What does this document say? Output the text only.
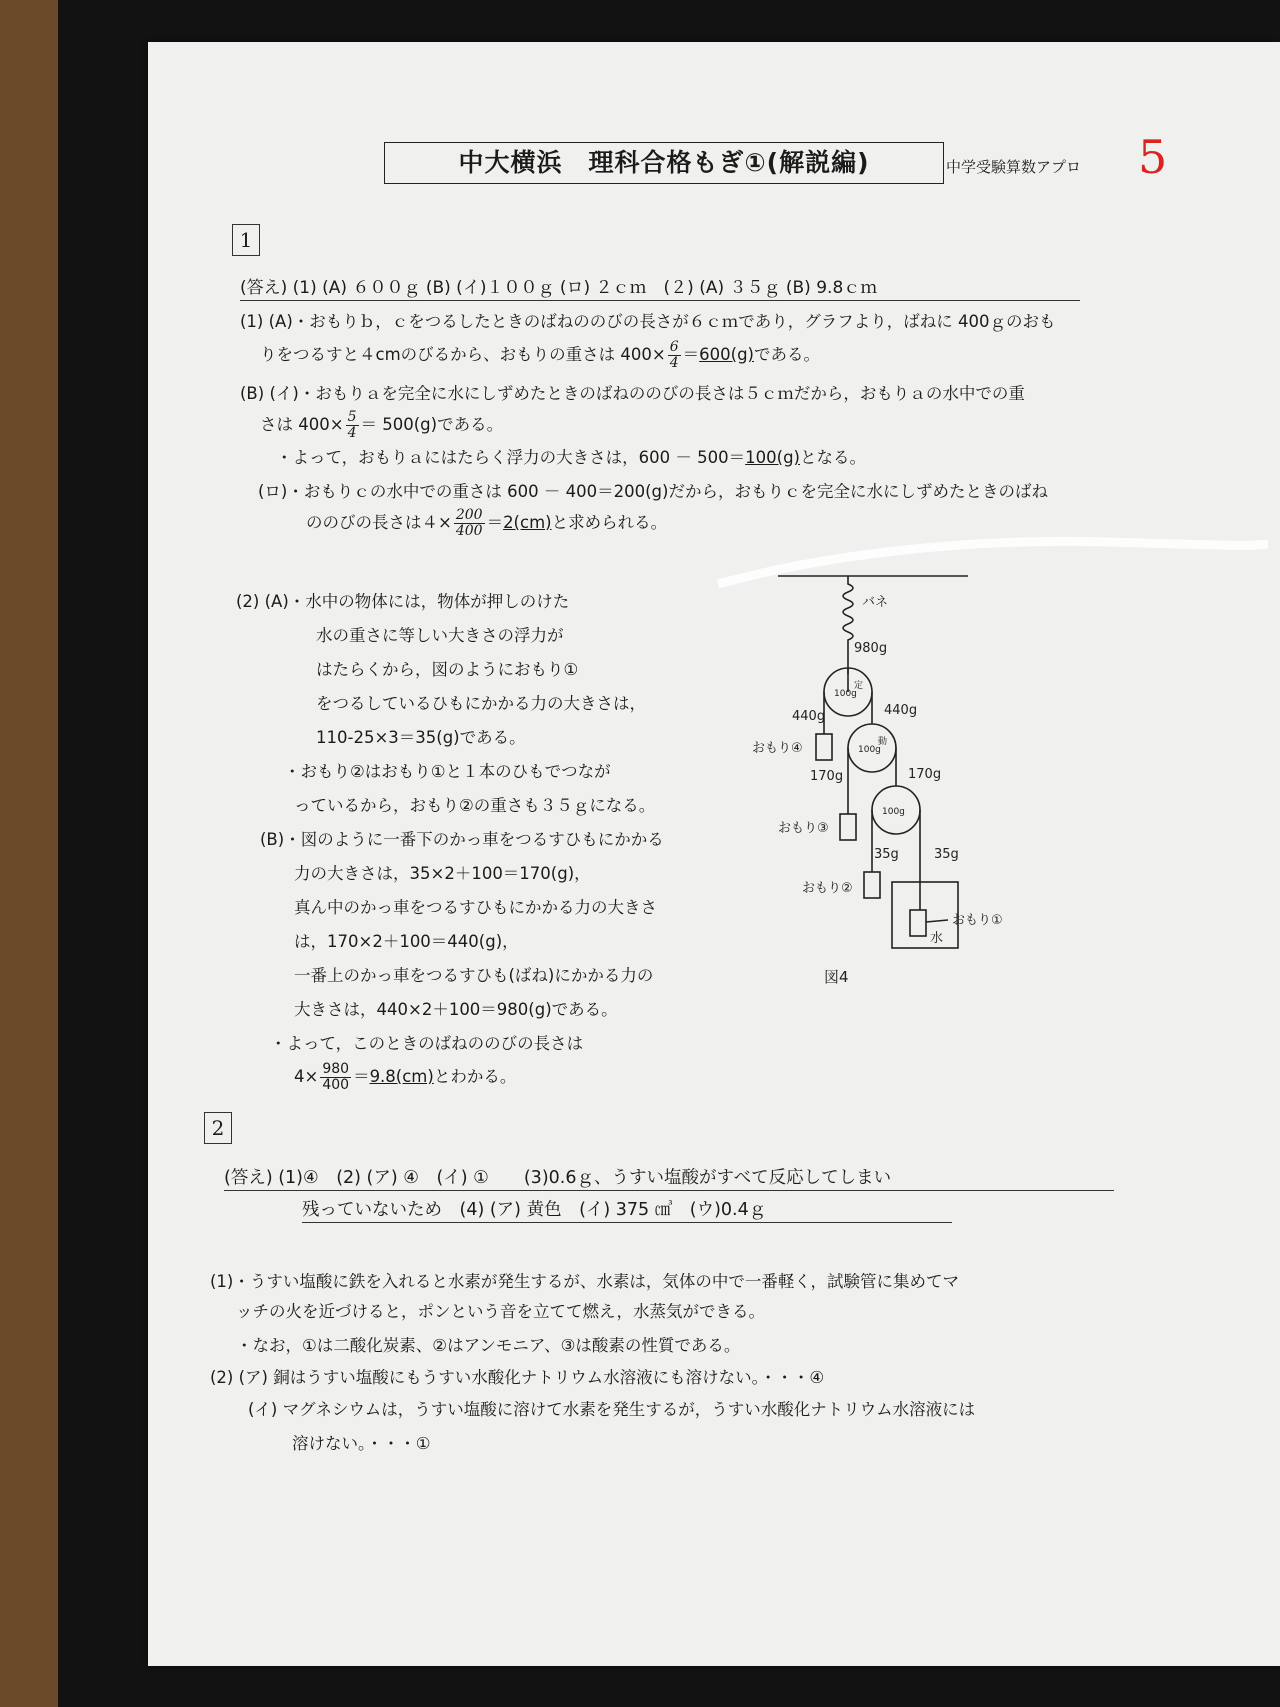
中大横浜　理科合格もぎ①(解説編)	中学受験算数アプロ 5
1
(答え) (1) (A) ６００ｇ (B) (イ)１００ｇ (ロ) ２ｃｍ　(２) (A) ３５ｇ (B) 9.8ｃｍ
(1) (A)・おもりｂ，ｃをつるしたときのばねののびの長さが６ｃｍであり，グラフより，ばねに 400ｇのおも
りをつるすと４cmのびるから、おもりの重さは $400\times \frac{6}{4} =600(g)$である。
(B) (イ)・おもりａを完全に水にしずめたときのばねののびの長さは５ｃｍだから，おもりａの水中での重
さは $400\times \frac{5}{4} = 500(g)$である。
・よって，おもりａにはたらく浮力の大きさは，600 － 500＝100(g)となる。
(ロ)・おもりｃの水中での重さは 600 － 400＝200(g)だから，おもりｃを完全に水にしずめたときのばね
ののびの長さは$4\times \frac{200}{400} =2(cm)$と求められる。
(2) (A)・水中の物体には，物体が押しのけた
水の重さに等しい大きさの浮力が
はたらくから，図のようにおもり①
をつるしているひもにかかる力の大きさは，
110-25×3＝35(g)である。
・おもり②はおもり①と１本のひもでつなが
っているから，おもり②の重さも３５ｇになる。
(B)・図のように一番下のかっ車をつるすひもにかかる
力の大きさは，35×2＋100＝170(g)，
真ん中のかっ車をつるすひもにかかる力の大きさ
は，170×2＋100＝440(g)，
一番上のかっ車をつるすひも(ばね)にかかる力の
大きさは，440×2＋100＝980(g)である。
・よって，このときのばねののびの長さは
$4\times \frac{980}{400} =9.8(cm)$とわかる。
バネ
980g
440g
440g
170g	170g
35g	35g
100g
100g
100g
定
動
おもり④
おもり③
おもり②
おもり①
水
図4
2
(答え) (1)④　(2) (ア) ④　(イ) ①　　(3)0.6ｇ、うすい塩酸がすべて反応してしまい
残っていないため　(4) (ア) 黄色　(イ) 375 ㎤　(ウ)0.4ｇ
(1)・うすい塩酸に鉄を入れると水素が発生するが、水素は，気体の中で一番軽く，試験管に集めてマ
ッチの火を近づけると，ポンという音を立てて燃え，水蒸気ができる。
・なお，①は二酸化炭素、②はアンモニア、③は酸素の性質である。
(2) (ア) 銅はうすい塩酸にもうすい水酸化ナトリウム水溶液にも溶けない。・・・④
(イ) マグネシウムは，うすい塩酸に溶けて水素を発生するが，うすい水酸化ナトリウム水溶液には
溶けない。・・・①
